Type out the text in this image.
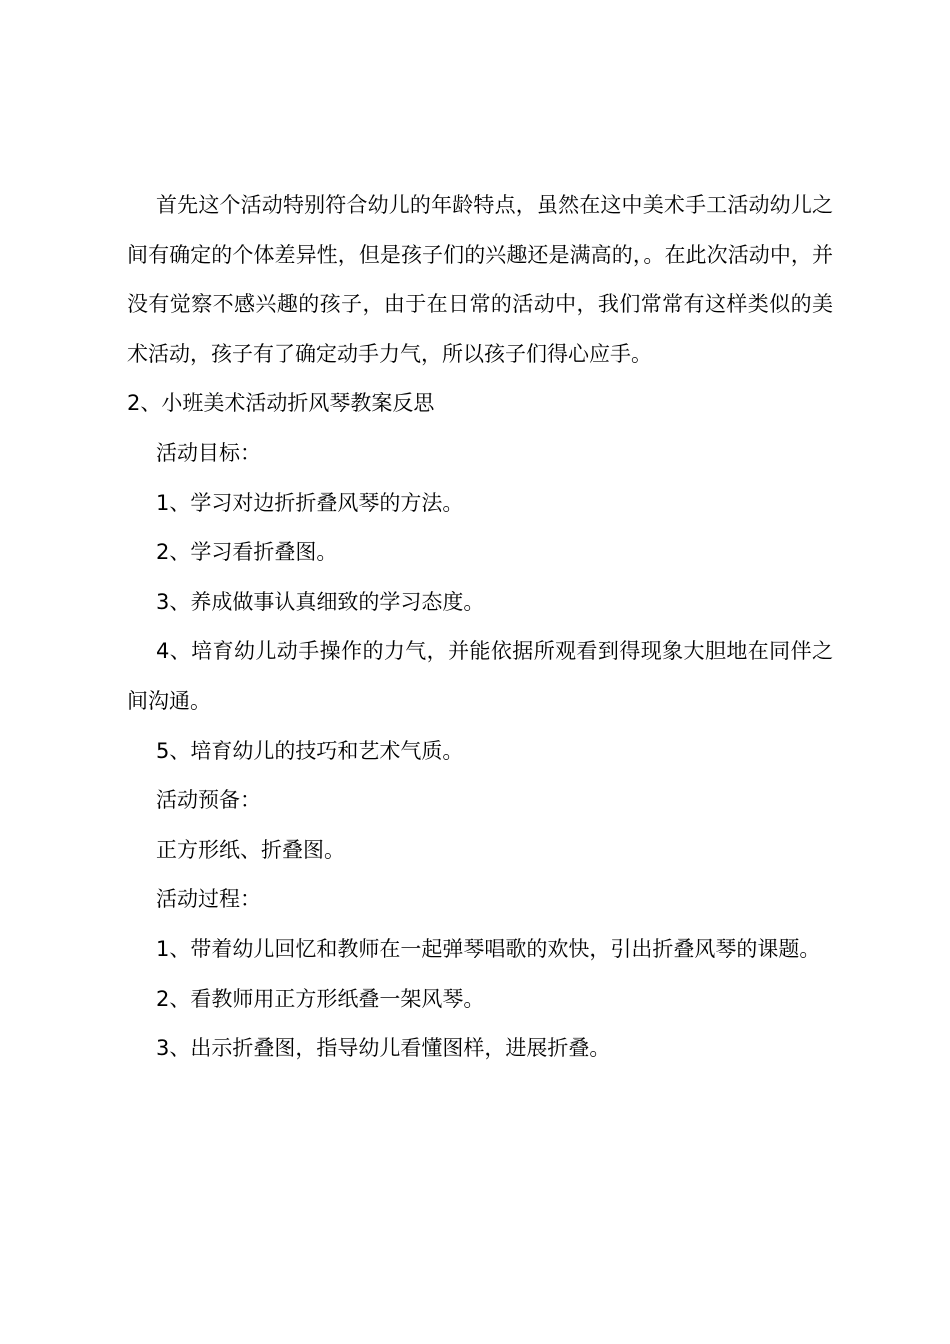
首先这个活动特别符合幼儿的年龄特点，虽然在这中美术手工活动幼儿之间有确定的个体差异性，但是孩子们的兴趣还是满高的，。在此次活动中，并没有觉察不感兴趣的孩子，由于在日常的活动中，我们常常有这样类似的美术活动，孩子有了确定动手力气，所以孩子们得心应手。

2、小班美术活动折风琴教案反思

活动目标：

1、学习对边折折叠风琴的方法。

2、学习看折叠图。

3、养成做事认真细致的学习态度。

4、培育幼儿动手操作的力气，并能依据所观看到得现象大胆地在同伴之间沟通。

5、培育幼儿的技巧和艺术气质。

活动预备：

正方形纸、折叠图。

活动过程：

1、带着幼儿回忆和教师在一起弹琴唱歌的欢快，引出折叠风琴的课题。

2、看教师用正方形纸叠一架风琴。

3、出示折叠图，指导幼儿看懂图样，进展折叠。
